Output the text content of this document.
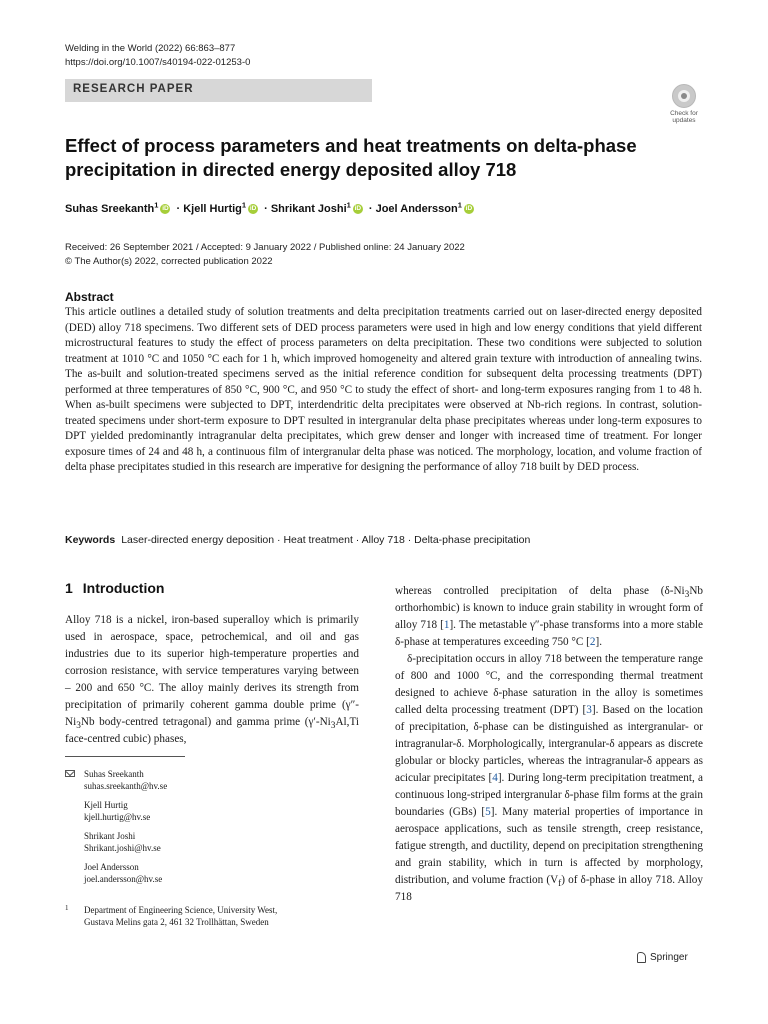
Welding in the World (2022) 66:863–877
https://doi.org/10.1007/s40194-022-01253-0
RESEARCH PAPER
Check for
updates
Effect of process parameters and heat treatments on delta-phase precipitation in directed energy deposited alloy 718
Suhas Sreekanth$^1$ iD · Kjell Hurtig$^1$ iD · Shrikant Joshi$^1$ iD · Joel Andersson$^1$ iD
Received: 26 September 2021 / Accepted: 9 January 2022 / Published online: 24 January 2022
© The Author(s) 2022, corrected publication 2022
Abstract
This article outlines a detailed study of solution treatments and delta precipitation treatments carried out on laser-directed energy deposited (DED) alloy 718 specimens. Two different sets of DED process parameters were used in high and low energy conditions that yield different microstructural features to study the effect of process parameters on delta precipitation. These two conditions were subjected to solution treatment at 1010 °C and 1050 °C each for 1 h, which improved homogeneity and altered grain texture with introduction of annealing twins. The as-built and solution-treated specimens served as the initial reference condition for subsequent delta processing treatments (DPT) performed at three temperatures of 850 °C, 900 °C, and 950 °C to study the effect of short- and long-term exposures ranging from 1 to 48 h. When as-built specimens were subjected to DPT, interdendritic delta precipitates were observed at Nb-rich regions. In contrast, solution-treated specimens under short-term exposure to DPT resulted in intergranular delta phase precipitates whereas under long-term exposures to DPT yielded predominantly intragranular delta precipitates, which grew denser and longer with increased time of treatment. For longer exposure times of 24 and 48 h, a continuous film of intergranular delta phase was noticed. The morphology, location, and volume fraction of delta phase precipitates studied in this research are imperative for designing the performance of alloy 718 built by DED process.
Keywords Laser-directed energy deposition · Heat treatment · Alloy 718 · Delta-phase precipitation
1 Introduction

Alloy 718 is a nickel, iron-based superalloy which is primarily used in aerospace, space, petrochemical, and oil and gas industries due to its superior high-temperature properties and corrosion resistance, with service temperatures varying between – 200 and 650 °C. The alloy mainly derives its strength from precipitation of primarily coherent gamma double prime ($\gamma''-Ni_3Nb$ body-centred tetragonal) and gamma prime ($\gamma'-Ni_3Al,Ti$ face-centred cubic) phases,

Suhas Sreekanth
suhas.sreekanth@hv.se
Kjell Hurtig
kjell.hurtig@hv.se
Shrikant Joshi
Shrikant.joshi@hv.se
Joel Andersson
joel.andersson@hv.se
1 Department of Engineering Science, University West,
Gustava Melins gata 2, 461 32 Trollhättan, Sweden

whereas controlled precipitation of delta phase ($\delta-Ni_3Nb$ orthorhombic) is known to induce grain stability in wrought form of alloy 718 [1]. The metastable γ″-phase transforms into a more stable δ-phase at temperatures exceeding 750 °C [2].

δ-precipitation occurs in alloy 718 between the temperature range of 800 and 1000 °C, and the corresponding thermal treatment designed to achieve δ-phase saturation in the alloy is sometimes called delta processing treatment (DPT) [3]. Based on the location of precipitation, δ-phase can be distinguished as intergranular- or intragranular-δ. Morphologically, intergranular-δ appears as discrete globular or blocky particles, whereas the intragranular-δ appears as acicular precipitates [4]. During long-term precipitation treatment, a continuous long-striped intergranular δ-phase film forms at the grain boundaries (GBs) [5]. Many material properties of importance in aerospace applications, such as tensile strength, creep resistance, fatigue strength, and ductility, depend on precipitation strengthening and grain stability, which in turn is affected by morphology, distribution, and volume fraction $(V_f)$ of δ-phase in alloy 718. Alloy 718

Springer
